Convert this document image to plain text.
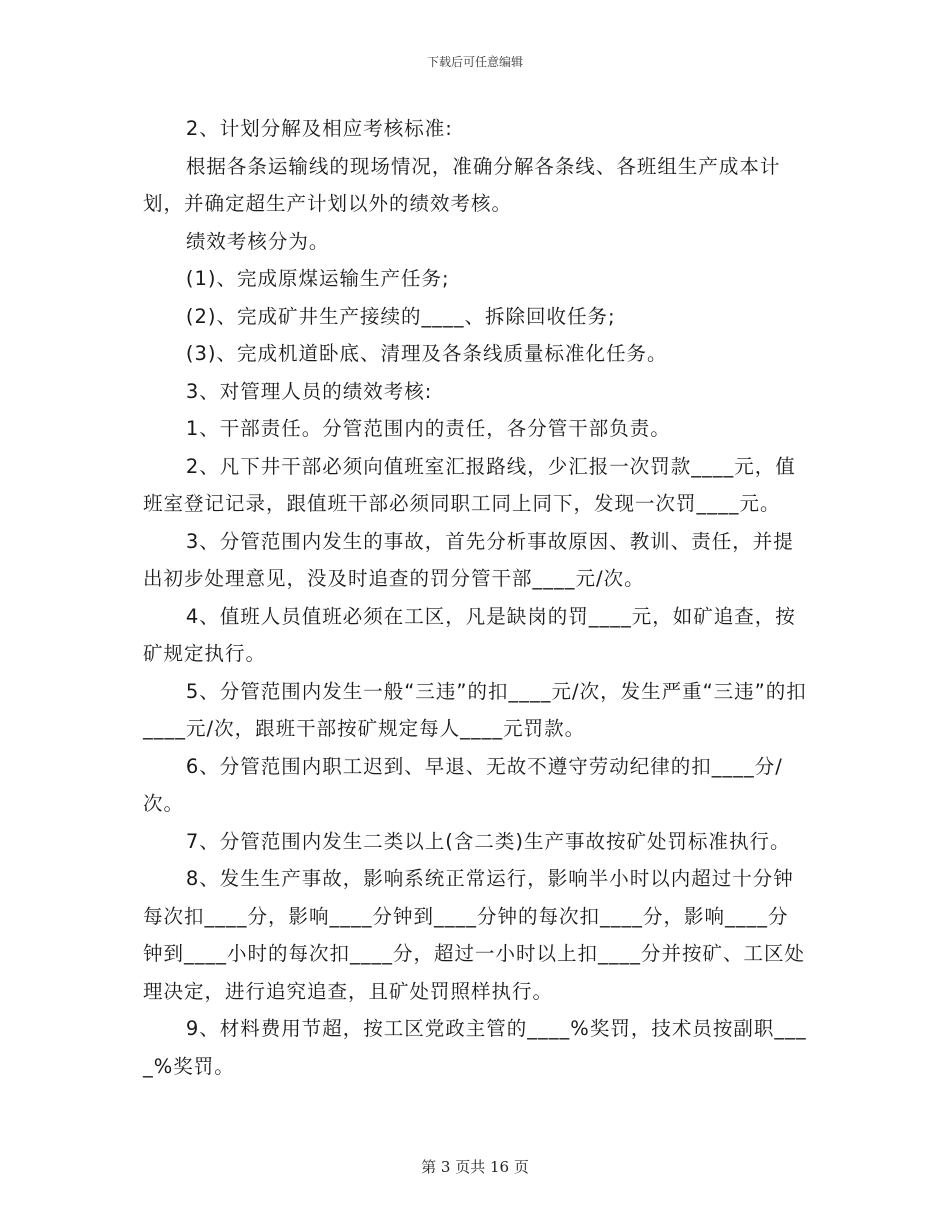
下载后可任意编辑

2、计划分解及相应考核标准:

根据各条运输线的现场情况，准确分解各条线、各班组生产成本计划，并确定超生产计划以外的绩效考核。

绩效考核分为。

(1)、完成原煤运输生产任务;

(2)、完成矿井生产接续的____、拆除回收任务;

(3)、完成机道卧底、清理及各条线质量标准化任务。

3、对管理人员的绩效考核:

1、干部责任。分管范围内的责任，各分管干部负责。

2、凡下井干部必须向值班室汇报路线，少汇报一次罚款____元，值班室登记记录，跟值班干部必须同职工同上同下，发现一次罚____元。

3、分管范围内发生的事故，首先分析事故原因、教训、责任，并提出初步处理意见，没及时追查的罚分管干部____元/次。

4、值班人员值班必须在工区，凡是缺岗的罚____元，如矿追查，按矿规定执行。

5、分管范围内发生一般“三违”的扣____元/次，发生严重“三违”的扣____元/次，跟班干部按矿规定每人____元罚款。

6、分管范围内职工迟到、早退、无故不遵守劳动纪律的扣____分/次。

7、分管范围内发生二类以上(含二类)生产事故按矿处罚标准执行。

8、发生生产事故，影响系统正常运行，影响半小时以内超过十分钟每次扣____分，影响____分钟到____分钟的每次扣____分，影响____分钟到____小时的每次扣____分，超过一小时以上扣____分并按矿、工区处理决定，进行追究追查，且矿处罚照样执行。

9、材料费用节超，按工区党政主管的____%奖罚，技术员按副职____%奖罚。

第 3 页共 16 页
